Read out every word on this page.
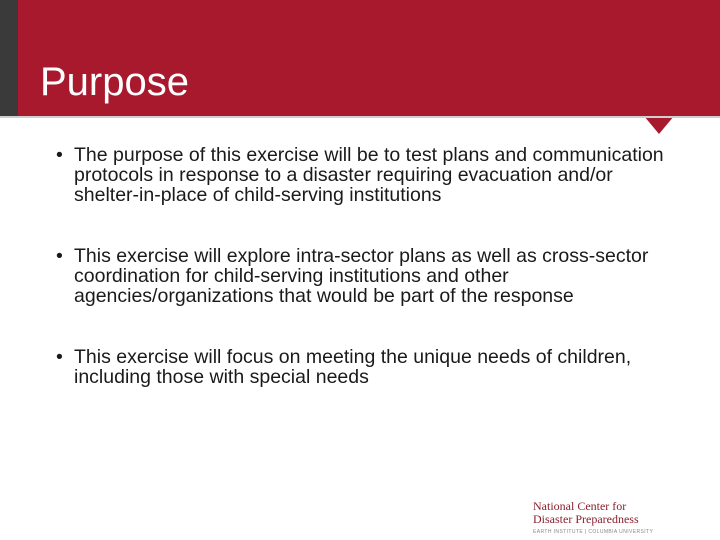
Purpose
• The purpose of this exercise will be to test plans and communication protocols in response to a disaster requiring evacuation and/or shelter-in-place of child-serving institutions
• This exercise will explore intra-sector plans as well as cross-sector coordination for child-serving institutions and other agencies/organizations that would be part of the response
• This exercise will focus on meeting the unique needs of children, including those with special needs
National Center for
Disaster Preparedness
EARTH INSTITUTE | COLUMBIA UNIVERSITY
